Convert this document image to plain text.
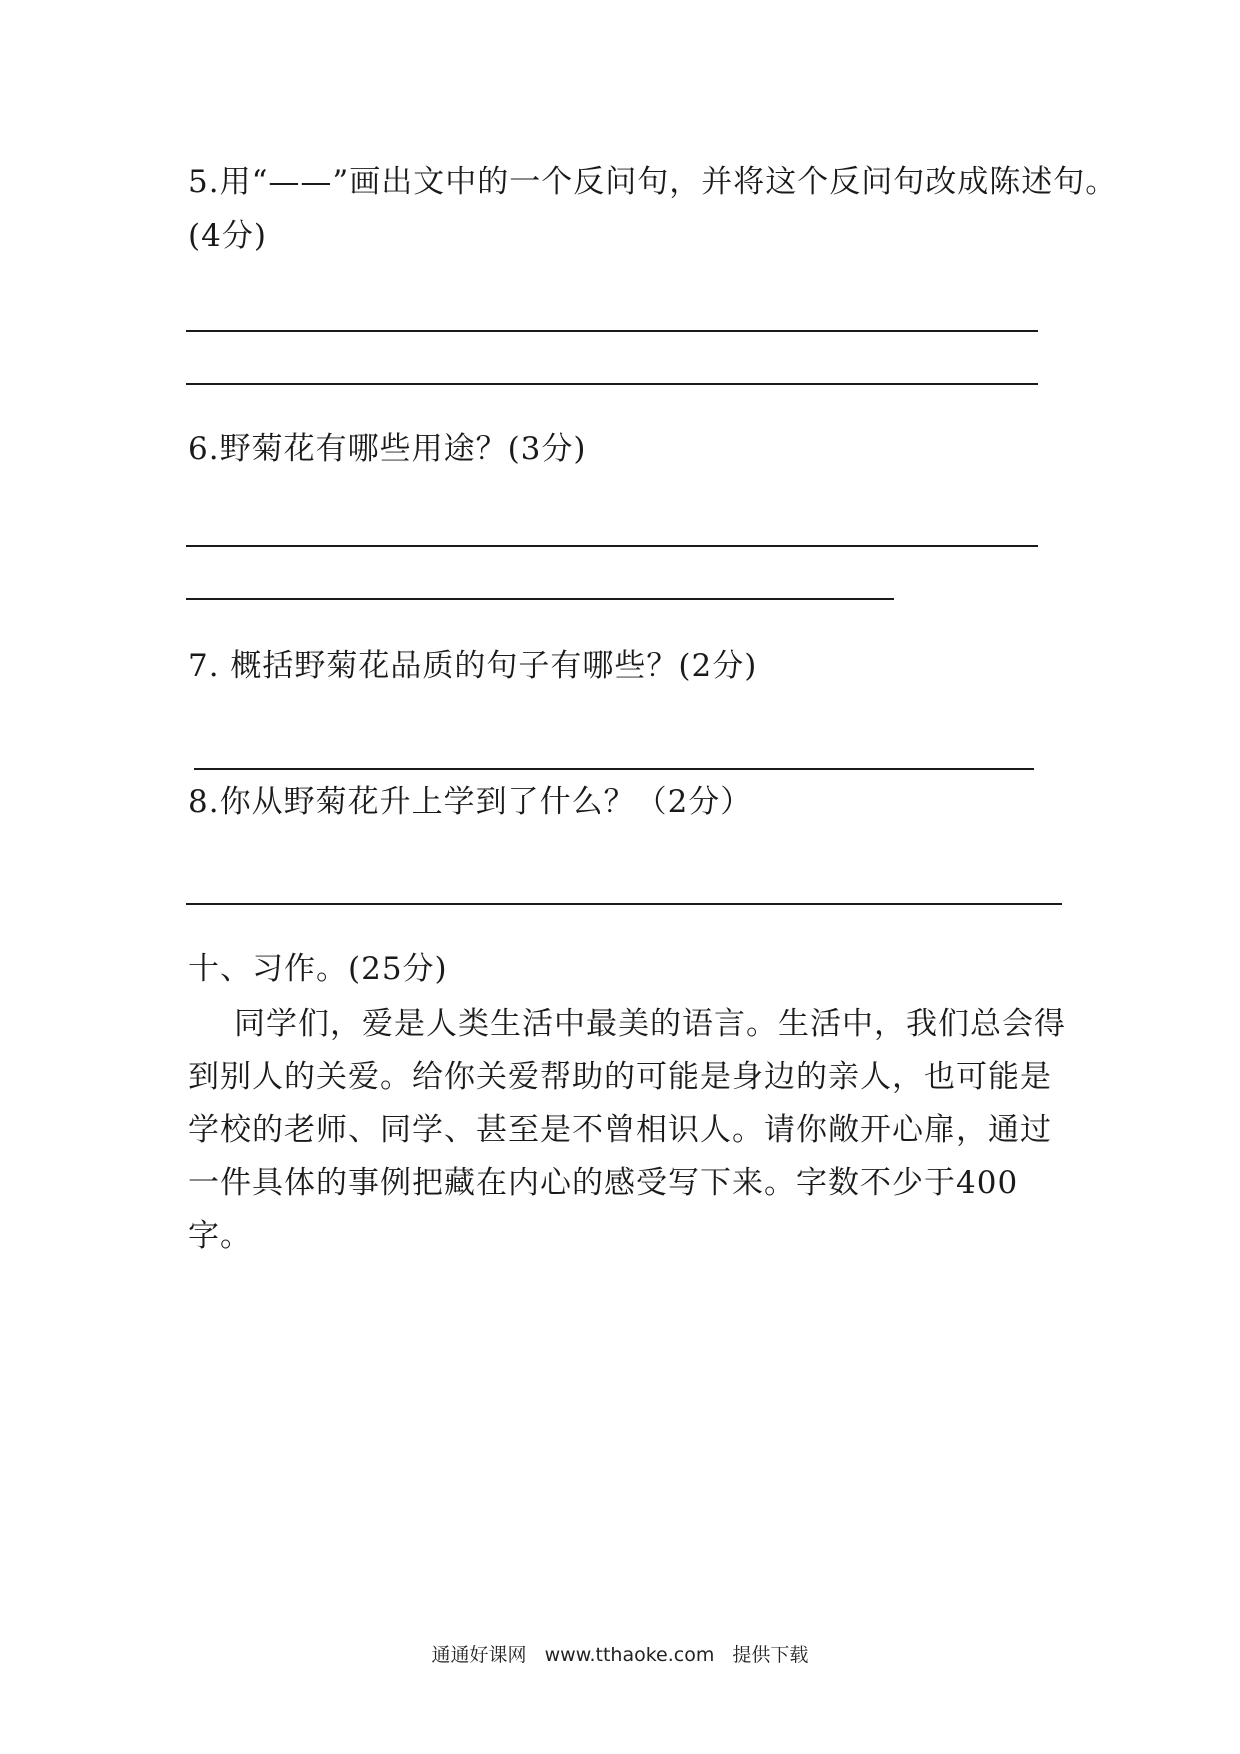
5.用“——”画出文中的一个反问句，并将这个反问句改成陈述句。
(4分)
6.野菊花有哪些用途？(3分)
7. 概括野菊花品质的句子有哪些？(2分)
8.你从野菊花升上学到了什么？（2分）
十、习作。(25分)
同学们，爱是人类生活中最美的语言。生活中，我们总会得到别人的关爱。给你关爱帮助的可能是身边的亲人，也可能是学校的老师、同学、甚至是不曾相识人。请你敞开心扉，通过一件具体的事例把藏在内心的感受写下来。字数不少于400字。
通通好课网 www.tthaoke.com 提供下载
